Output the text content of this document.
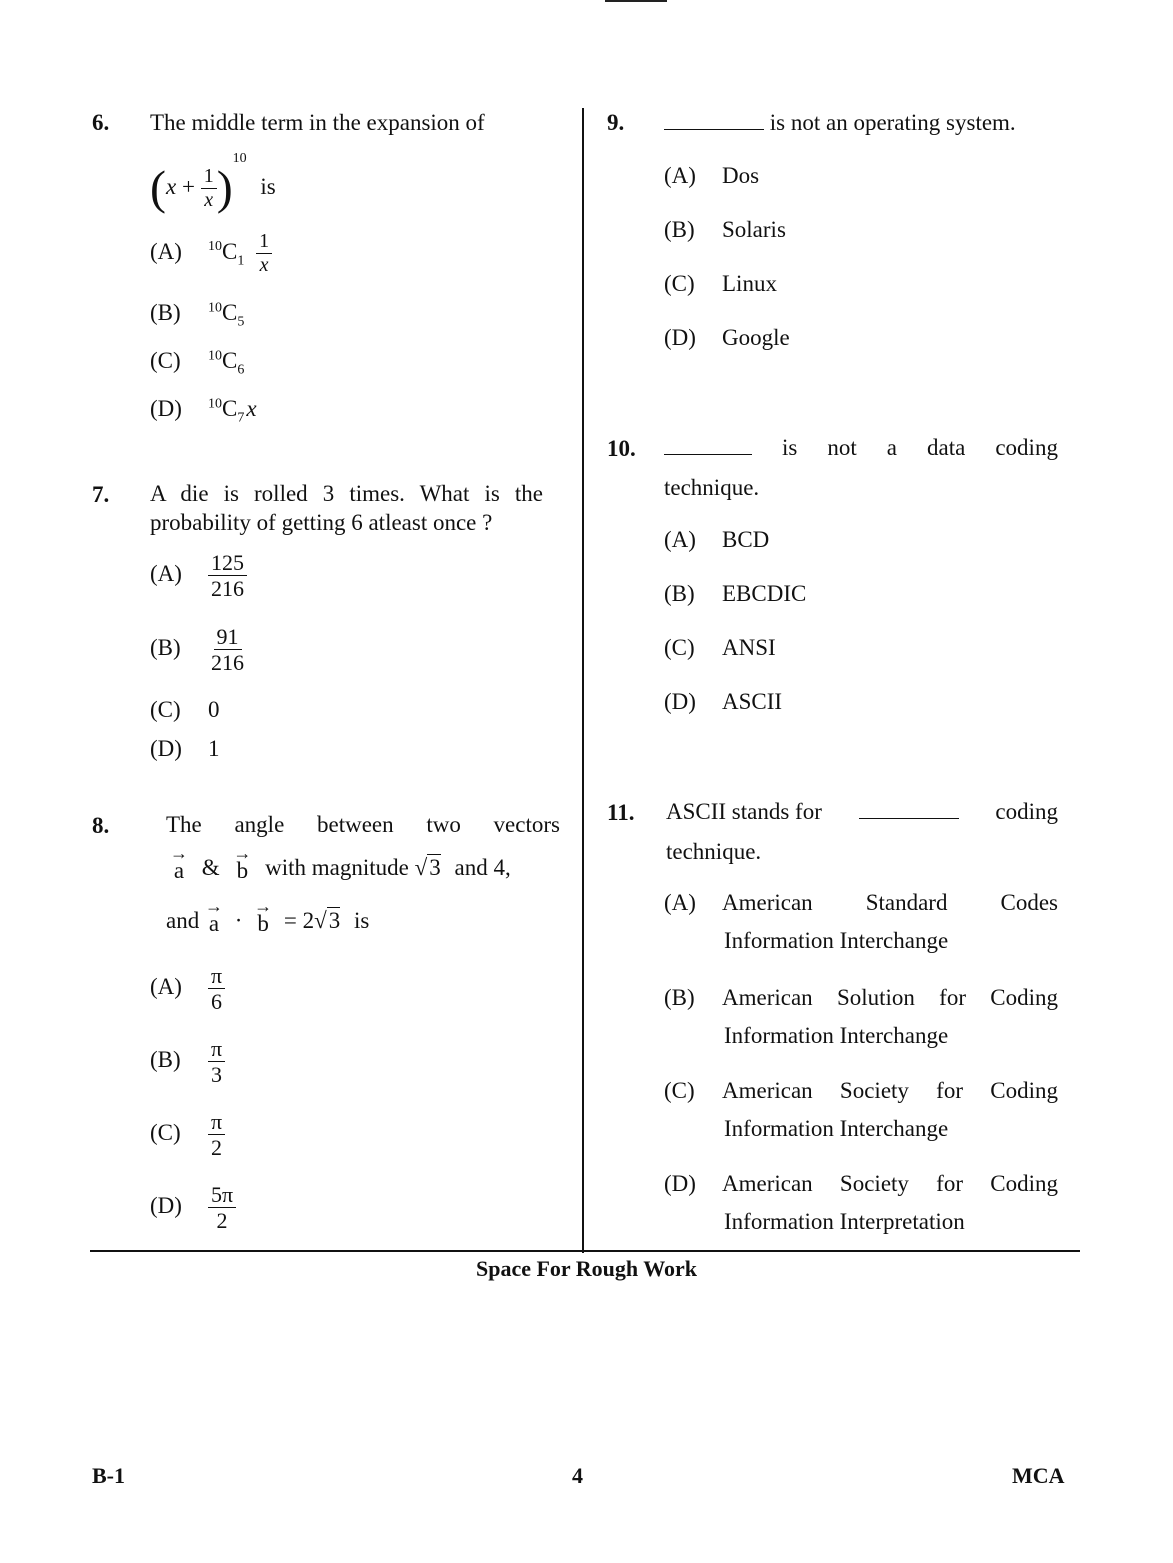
6. The middle term in the expansion of
$(x + \frac{1}{x} )^{10}$ is
(A) $^{10}C_1 \frac{1}{x}$
(B) $^{10}C_5$
(C) $^{10}C_6$
(D) $^{10}C_7x$
7. A die is rolled 3 times. What is the
probability of getting 6 atleast once ?
$(A) \frac{125}{216}$
$(B) \frac{91}{216}$
(C) 0
(D) 1
8. The angle between two vectors
→
a &
→
b with magnitude √3 and 4,
and
→
a ·
→
b = 2√3 is
$(A) \frac{\pi}{6}$
$(B) \frac{\pi}{3}$
$(C) \frac{\pi}{2}$
$(D) \frac{5\pi}{2}$
9.	is not an operating system.
(A) Dos
(B) Solaris
(C) Linux
(D) Google
10.	is not a data coding
technique.
(A) BCD
(B) EBCDIC
(C) ANSI
(D) ASCII
11. ASCII stands for	coding
technique.
(A)	American Standard Codes
Information Interchange
(B)	American Solution for Coding
Information Interchange
(C)	American Society for Coding
Information Interchange
(D)	American Society for Coding
Information Interpretation
Space For Rough Work
B-1	4	MCA
